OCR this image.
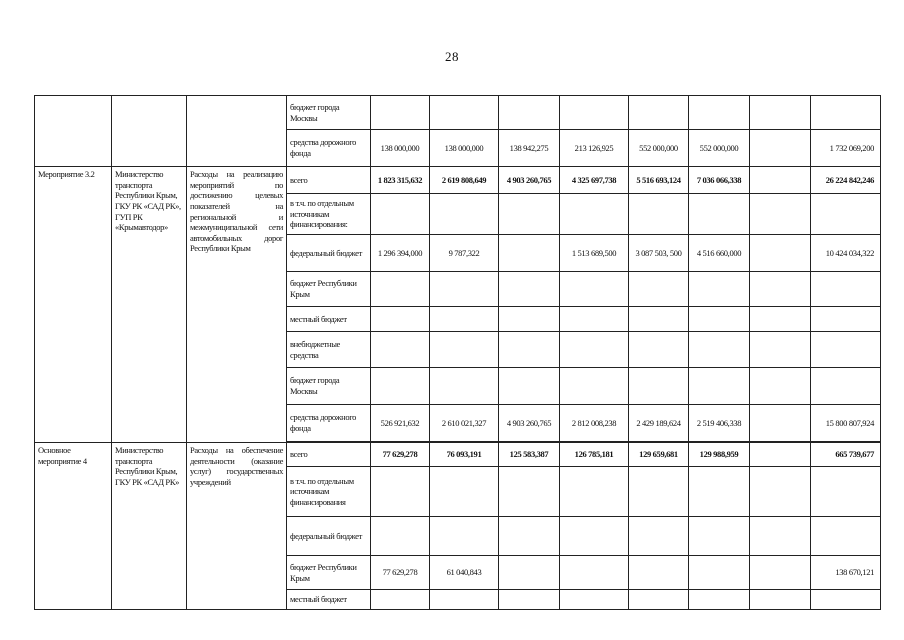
28
			бюджет города Москвы								
			средства дорожного фонда	138 000,000	138 000,000	138 942,275	213 126,925	552 000,000	552 000,000		1 732 069,200
Мероприятие 3.2	Министерство транспорта Республики Крым, ГКУ РК «САД РК», ГУП РК «Крымавтодор»	Расходы на реализацию мероприятий по достижению целевых показателей на региональной и межмуниципальной сети автомобильных дорог Республики Крым	всего	1 823 315,632	2 619 808,649	4 903 260,765	4 325 697,738	5 516 693,124	7 036 066,338		26 224 842,246
			в т.ч. по отдельным источникам финансирования:								
			федеральный бюджет	1 296 394,000	9 787,322		1 513 689,500	3 087 503, 500	4 516 660,000		10 424 034,322
			бюджет Республики Крым								
			местный бюджет								
			внебюджетные средства								
			бюджет города Москвы								
			средства дорожного фонда	526 921,632	2 610 021,327	4 903 260,765	2 812 008,238	2 429 189,624	2 519 406,338		15 800 807,924

Основное мероприятие 4	Министерство транспорта Республики Крым, ГКУ РК «САД РК»	Расходы на обеспечение деятельности (оказание услуг) государственных учреждений	всего	77 629,278	76 093,191	125 583,387	126 785,181	129 659,681	129 988,959		665 739,677
			в т.ч. по отдельным источникам финансирования								
			федеральный бюджет								
			бюджет Республики Крым	77 629,278	61 040,843						138 670,121
			местный бюджет								
